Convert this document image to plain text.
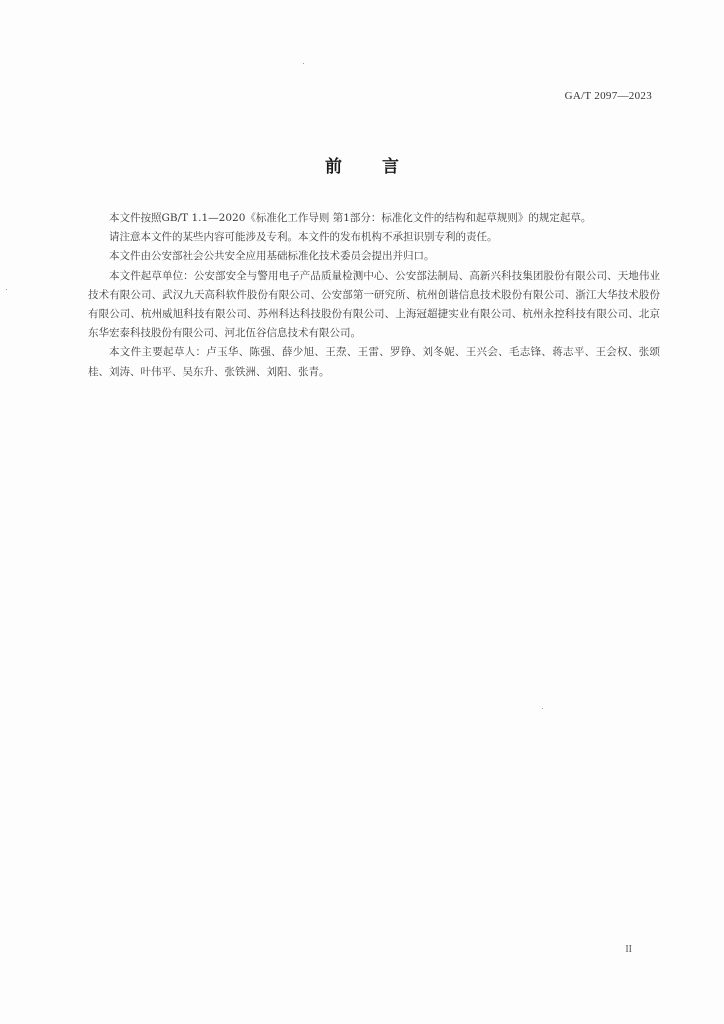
GA/T 2097—2023
前言

本文件按照GB/T 1.1—2020《标准化工作导则 第1部分：标准化文件的结构和起草规则》的规定起草。

请注意本文件的某些内容可能涉及专利。本文件的发布机构不承担识别专利的责任。

本文件由公安部社会公共安全应用基础标准化技术委员会提出并归口。

本文件起草单位：公安部安全与警用电子产品质量检测中心、公安部法制局、高新兴科技集团股份有限公司、天地伟业技术有限公司、武汉九天高科软件股份有限公司、公安部第一研究所、杭州创谐信息技术股份有限公司、浙江大华技术股份有限公司、杭州威旭科技有限公司、苏州科达科技股份有限公司、上海冠超捷实业有限公司、杭州永控科技有限公司、北京东华宏泰科技股份有限公司、河北伍谷信息技术有限公司。

本文件主要起草人：卢玉华、陈强、薛少旭、王焘、王雷、罗铮、刘冬妮、王兴会、毛志锋、蒋志平、王会权、张颂桂、刘涛、叶伟平、吴东升、张铁洲、刘阳、张青。

II
